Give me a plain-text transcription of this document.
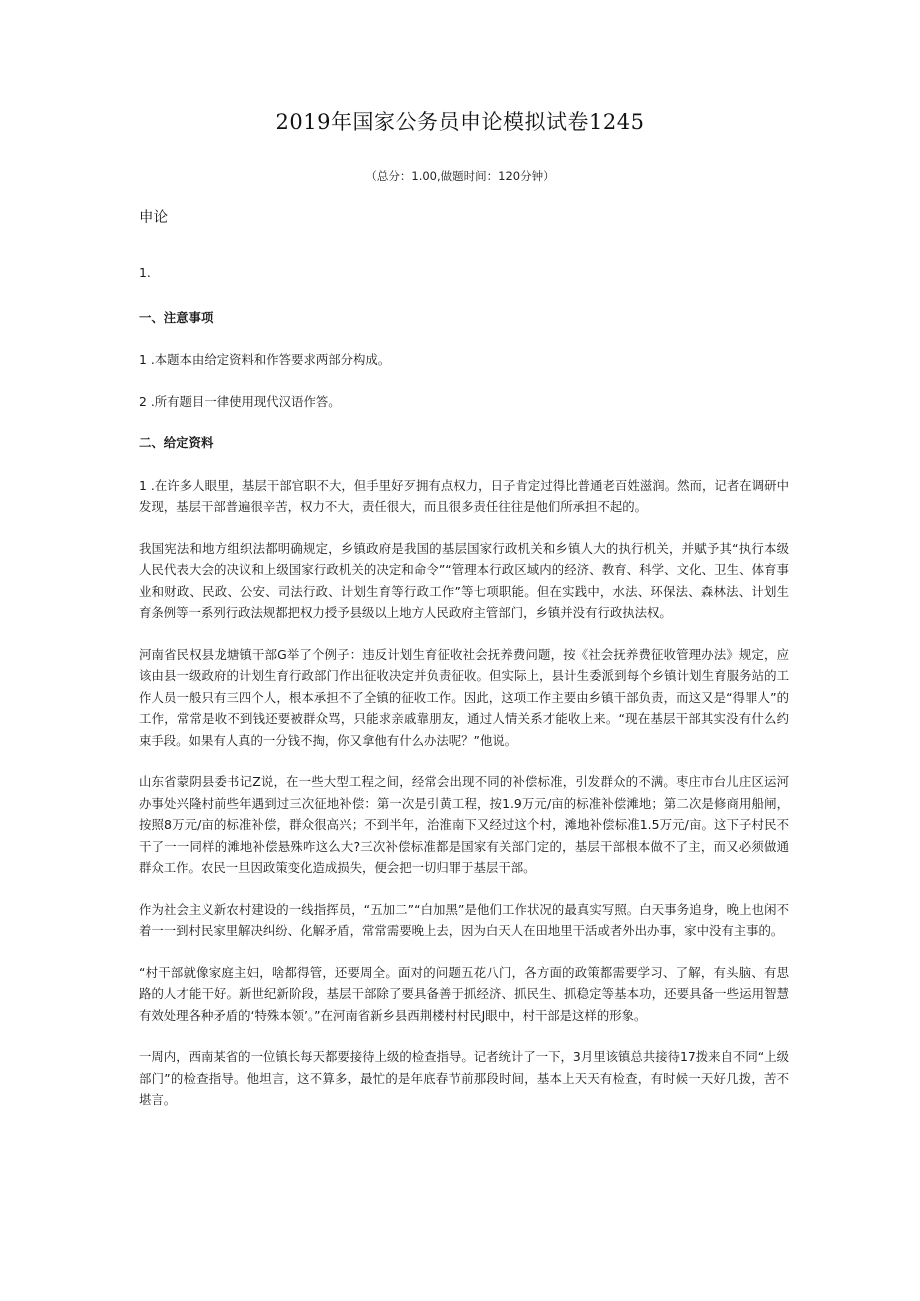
2019年国家公务员申论模拟试卷1245
（总分：1.00,做题时间：120分钟）
申论

1.

一、注意事项

1 .本题本由给定资料和作答要求两部分构成。

2 .所有题目一律使用现代汉语作答。

二、给定资料

1 .在许多人眼里，基层干部官职不大，但手里好歹拥有点权力，日子肯定过得比普通老百姓滋润。然而，记者在调研中发现，基层干部普遍很辛苦，权力不大，责任很大，而且很多责任往往是他们所承担不起的。

我国宪法和地方组织法都明确规定，乡镇政府是我国的基层国家行政机关和乡镇人大的执行机关，并赋予其“执行本级人民代表大会的决议和上级国家行政机关的决定和命令”“管理本行政区域内的经济、教育、科学、文化、卫生、体育事业和财政、民政、公安、司法行政、计划生育等行政工作”等七项职能。但在实践中，水法、环保法、森林法、计划生育条例等一系列行政法规都把权力授予县级以上地方人民政府主管部门，乡镇并没有行政执法权。

河南省民权县龙塘镇干部G举了个例子：违反计划生育征收社会抚养费问题，按《社会抚养费征收管理办法》规定，应该由县一级政府的计划生育行政部门作出征收决定并负责征收。但实际上，县计生委派到每个乡镇计划生育服务站的工作人员一般只有三四个人，根本承担不了全镇的征收工作。因此，这项工作主要由乡镇干部负责，而这又是“得罪人”的工作，常常是收不到钱还要被群众骂，只能求亲戚靠朋友，通过人情关系才能收上来。“现在基层干部其实没有什么约束手段。如果有人真的一分钱不掏，你又拿他有什么办法呢？”他说。

山东省蒙阴县委书记Z说，在一些大型工程之间，经常会出现不同的补偿标准，引发群众的不满。枣庄市台儿庄区运河办事处兴隆村前些年遇到过三次征地补偿：第一次是引黄工程，按1.9万元/亩的标准补偿滩地；第二次是修商用船闸，按照8万元/亩的标准补偿，群众很高兴；不到半年，治淮南下又经过这个村，滩地补偿标准1.5万元/亩。这下子村民不干了一一同样的滩地补偿悬殊咋这么大?三次补偿标准都是国家有关部门定的，基层干部根本做不了主，而又必须做通群众工作。农民一旦因政策变化造成损失，便会把一切归罪于基层干部。

作为社会主义新农村建设的一线指挥员，“五加二”“白加黑”是他们工作状况的最真实写照。白天事务追身，晚上也闲不着一一到村民家里解决纠纷、化解矛盾，常常需要晚上去，因为白天人在田地里干活或者外出办事，家中没有主事的。

“村干部就像家庭主妇，啥都得管，还要周全。面对的问题五花八门，各方面的政策都需要学习、了解，有头脑、有思路的人才能干好。新世纪新阶段，基层干部除了要具备善于抓经济、抓民生、抓稳定等基本功，还要具备一些运用智慧有效处理各种矛盾的‘特殊本领’。”在河南省新乡县西荆楼村村民J眼中，村干部是这样的形象。

一周内，西南某省的一位镇长每天都要接待上级的检查指导。记者统计了一下，3月里该镇总共接待17拨来自不同“上级部门”的检查指导。他坦言，这不算多，最忙的是年底春节前那段时间，基本上天天有检查，有时候一天好几拨，苦不堪言。
